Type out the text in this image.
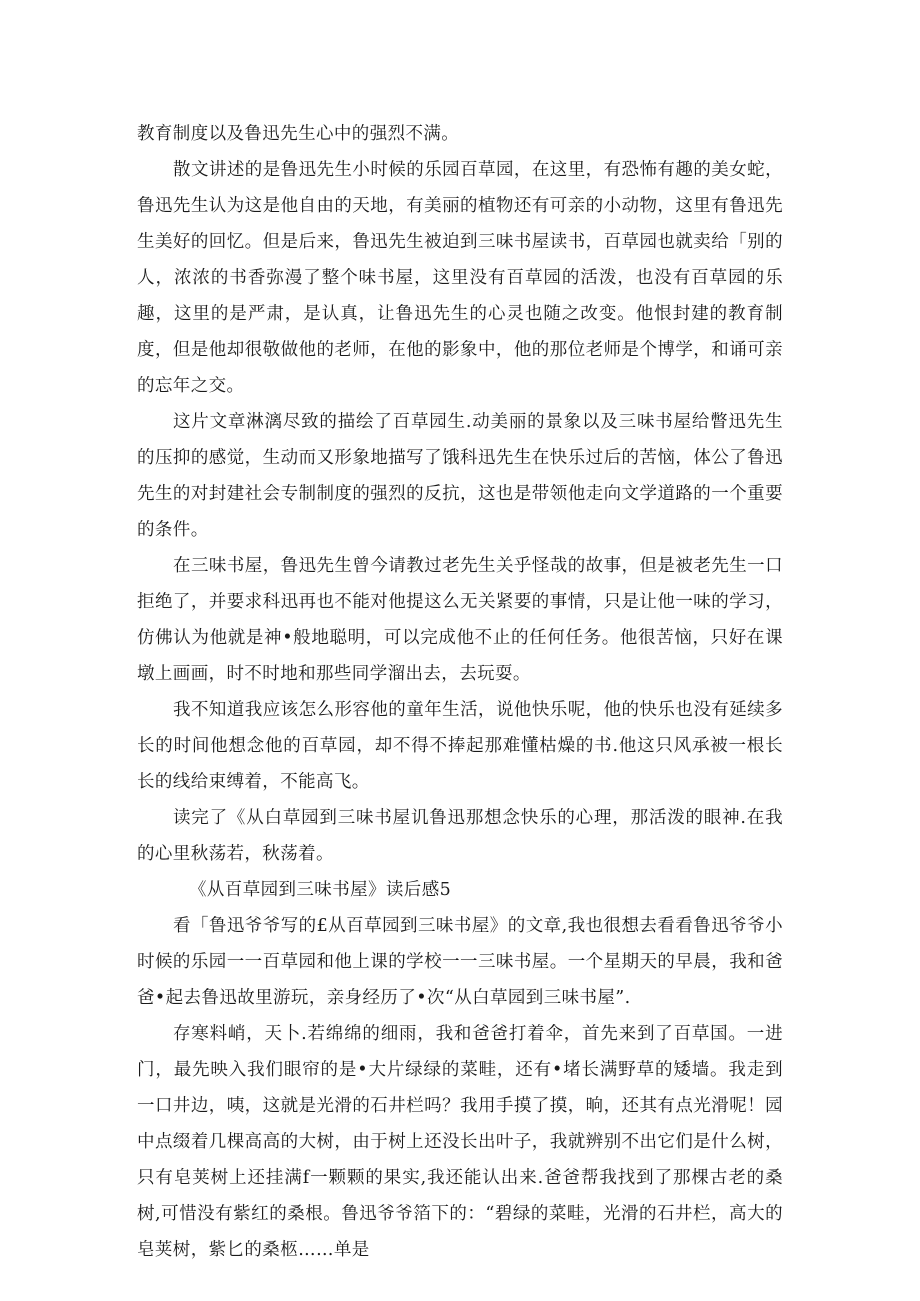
教育制度以及鲁迅先生心中的强烈不满。

散文讲述的是鲁迅先生小时候的乐园百草园，在这里，有恐怖有趣的美女蛇，鲁迅先生认为这是他自由的天地，有美丽的植物还有可亲的小动物，这里有鲁迅先生美好的回忆。但是后来，鲁迅先生被迫到三味书屋读书，百草园也就卖给「别的人，浓浓的书香弥漫了整个味书屋，这里没有百草园的活泼，也没有百草园的乐趣，这里的是严肃，是认真，让鲁迅先生的心灵也随之改变。他恨封建的教育制度，但是他却很敬做他的老师，在他的影象中，他的那位老师是个博学，和诵可亲的忘年之交。

这片文章淋漓尽致的描绘了百草园生.动美丽的景象以及三味书屋给瞥迅先生的压抑的感觉，生动而又形象地描写了饿科迅先生在快乐过后的苦恼，体公了鲁迅先生的对封建社会专制制度的强烈的反抗，这也是带领他走向文学道路的一个重要的条件。

在三味书屋，鲁迅先生曾今请教过老先生关乎怪哉的故事，但是被老先生一口拒绝了，并要求科迅再也不能对他提这么无关紧要的事情，只是让他一味的学习，仿佛认为他就是神•般地聪明，可以完成他不止的任何任务。他很苦恼，只好在课墩上画画，时不时地和那些同学溜出去，去玩耍。

我不知道我应该怎么形容他的童年生活，说他快乐呢，他的快乐也没有延续多长的时间他想念他的百草园，却不得不捧起那难懂枯燥的书.他这只风承被一根长长的线给束缚着，不能高飞。

读完了《从白草园到三味书屋讥鲁迅那想念快乐的心理，那活泼的眼神.在我的心里秋荡若，秋荡着。

《从百草园到三味书屋》读后感5

看「鲁迅爷爷写的£从百草园到三味书屋》的文章,我也很想去看看鲁迅爷爷小时候的乐园一一百草园和他上课的学校一一三味书屋。一个星期天的早晨，我和爸爸•起去鲁迅故里游玩，亲身经历了•次“从白草园到三味书屋”.

存寒料峭，天卜.若绵绵的细雨，我和爸爸打着伞，首先来到了百草国。一进门，最先映入我们眼帘的是•大片绿绿的菜畦，还有•堵长满野草的矮墙。我走到一口井边，咦，这就是光滑的石井栏吗？我用手摸了摸，晌，还其有点光滑呢！园中点缀着几棵高高的大树，由于树上还没长出叶子，我就辨别不出它们是什么树，只有皂荚树上还挂满f一颗颗的果实,我还能认出来.爸爸帮我找到了那棵古老的桑树,可惜没有紫红的桑根。鲁迅爷爷箔下的：“碧绿的菜畦，光滑的石井栏，高大的皂荚树，紫匕的桑柩……单是
